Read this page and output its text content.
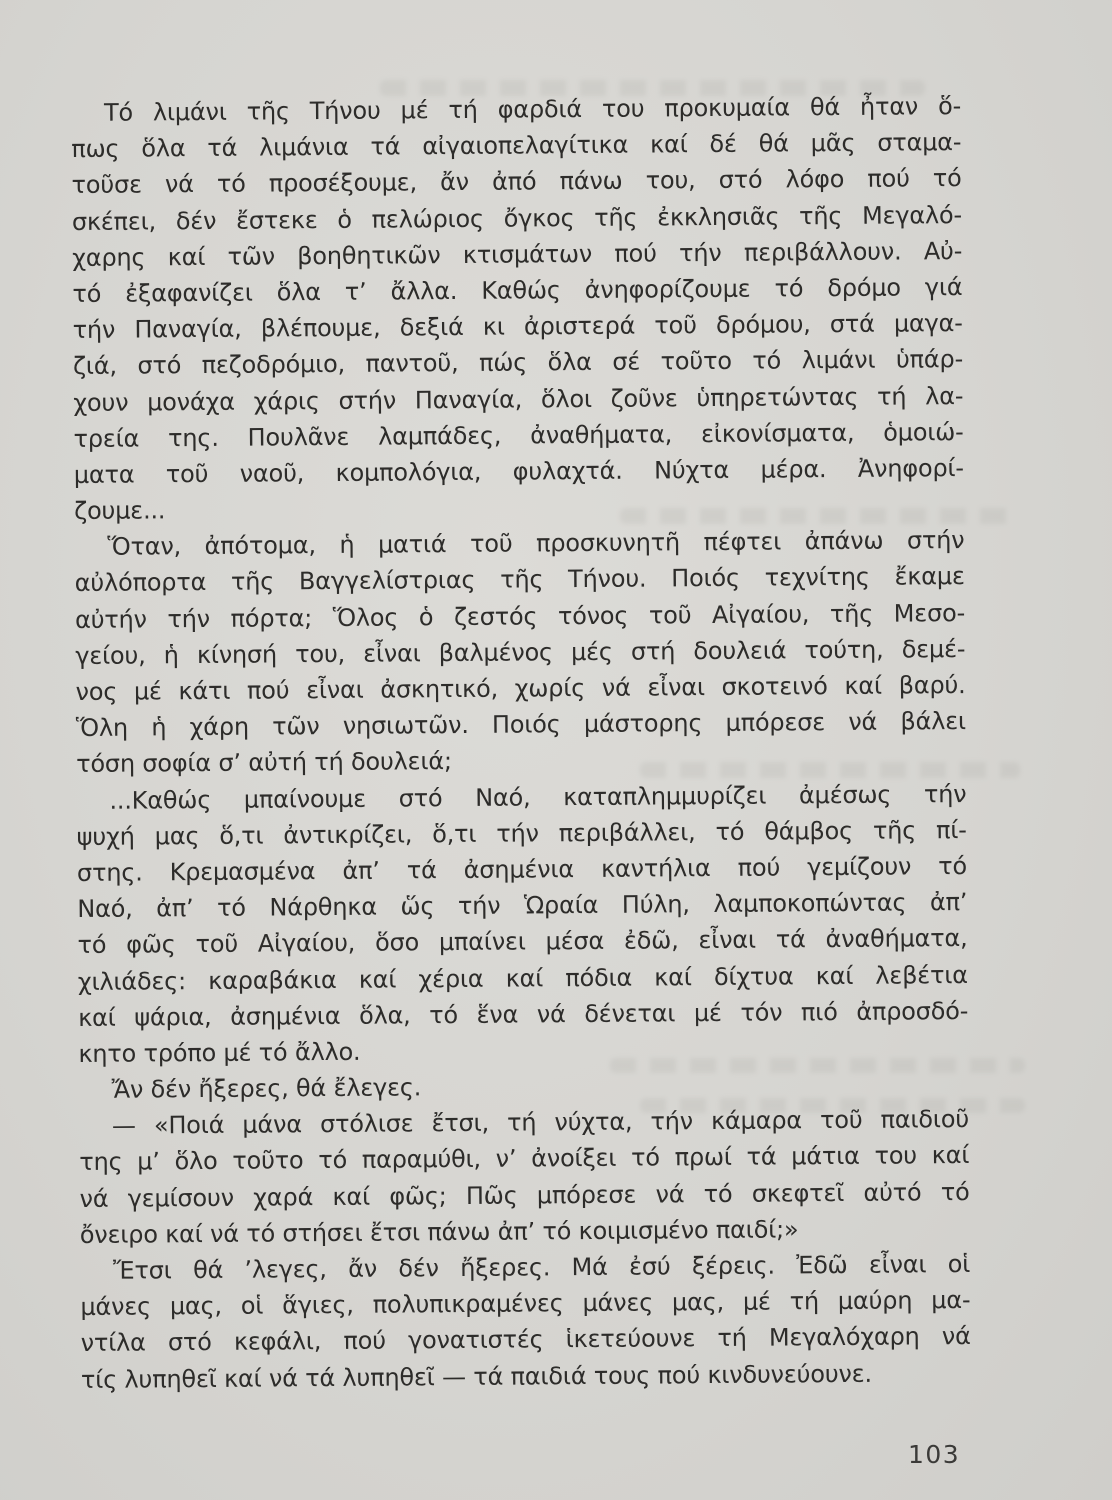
Τό λιμάνι τῆς Τήνου μέ τή φαρδιά του προκυμαία θά ἦταν ὅ-
πως ὅλα τά λιμάνια τά αἰγαιοπελαγίτικα καί δέ θά μᾶς σταμα-
τοῦσε νά τό προσέξουμε, ἄν ἀπό πάνω του, στό λόφο πού τό
σκέπει, δέν ἔστεκε ὁ πελώριος ὄγκος τῆς ἐκκλησιᾶς τῆς Μεγαλό-
χαρης καί τῶν βοηθητικῶν κτισμάτων πού τήν περιβάλλουν. Αὐ-
τό ἐξαφανίζει ὅλα τ’ ἄλλα. Καθώς ἀνηφορίζουμε τό δρόμο γιά
τήν Παναγία, βλέπουμε, δεξιά κι ἀριστερά τοῦ δρόμου, στά μαγα-
ζιά, στό πεζοδρόμιο, παντοῦ, πώς ὅλα σέ τοῦτο τό λιμάνι ὑπάρ-
χουν μονάχα χάρις στήν Παναγία, ὅλοι ζοῦνε ὑπηρετώντας τή λα-
τρεία της. Πουλᾶνε λαμπάδες, ἀναθήματα, εἰκονίσματα, ὁμοιώ-
ματα τοῦ ναοῦ, κομπολόγια, φυλαχτά. Νύχτα μέρα. Ἀνηφορί-
ζουμε...
Ὅταν, ἀπότομα, ἡ ματιά τοῦ προσκυνητῆ πέφτει ἀπάνω στήν
αὐλόπορτα τῆς Βαγγελίστριας τῆς Τήνου. Ποιός τεχνίτης ἔκαμε
αὐτήν τήν πόρτα; Ὅλος ὁ ζεστός τόνος τοῦ Αἰγαίου, τῆς Μεσο-
γείου, ἡ κίνησή του, εἶναι βαλμένος μές στή δουλειά τούτη, δεμέ-
νος μέ κάτι πού εἶναι ἀσκητικό, χωρίς νά εἶναι σκοτεινό καί βαρύ.
Ὅλη ἡ χάρη τῶν νησιωτῶν. Ποιός μάστορης μπόρεσε νά βάλει
τόση σοφία σ’ αὐτή τή δουλειά;
...Καθώς μπαίνουμε στό Ναό, καταπλημμυρίζει ἀμέσως τήν
ψυχή μας ὅ,τι ἀντικρίζει, ὅ,τι τήν περιβάλλει, τό θάμβος τῆς πί-
στης. Κρεμασμένα ἀπ’ τά ἀσημένια καντήλια πού γεμίζουν τό
Ναό, ἀπ’ τό Νάρθηκα ὥς τήν Ὡραία Πύλη, λαμποκοπώντας ἀπ’
τό φῶς τοῦ Αἰγαίου, ὅσο μπαίνει μέσα ἐδῶ, εἶναι τά ἀναθήματα,
χιλιάδες: καραβάκια καί χέρια καί πόδια καί δίχτυα καί λεβέτια
καί ψάρια, ἀσημένια ὅλα, τό ἕνα νά δένεται μέ τόν πιό ἀπροσδό-
κητο τρόπο μέ τό ἄλλο.
Ἄν δέν ἤξερες, θά ἔλεγες.
— «Ποιά μάνα στόλισε ἔτσι, τή νύχτα, τήν κάμαρα τοῦ παιδιοῦ
της μ’ ὅλο τοῦτο τό παραμύθι, ν’ ἀνοίξει τό πρωί τά μάτια του καί
νά γεμίσουν χαρά καί φῶς; Πῶς μπόρεσε νά τό σκεφτεῖ αὐτό τό
ὄνειρο καί νά τό στήσει ἔτσι πάνω ἀπ’ τό κοιμισμένο παιδί;»
Ἔτσι θά ’λεγες, ἄν δέν ἤξερες. Μά ἐσύ ξέρεις. Ἐδῶ εἶναι οἱ
μάνες μας, οἱ ἅγιες, πολυπικραμένες μάνες μας, μέ τή μαύρη μα-
ντίλα στό κεφάλι, πού γονατιστές ἱκετεύουνε τή Μεγαλόχαρη νά
τίς λυπηθεῖ καί νά τά λυπηθεῖ — τά παιδιά τους πού κινδυνεύουνε.
103
